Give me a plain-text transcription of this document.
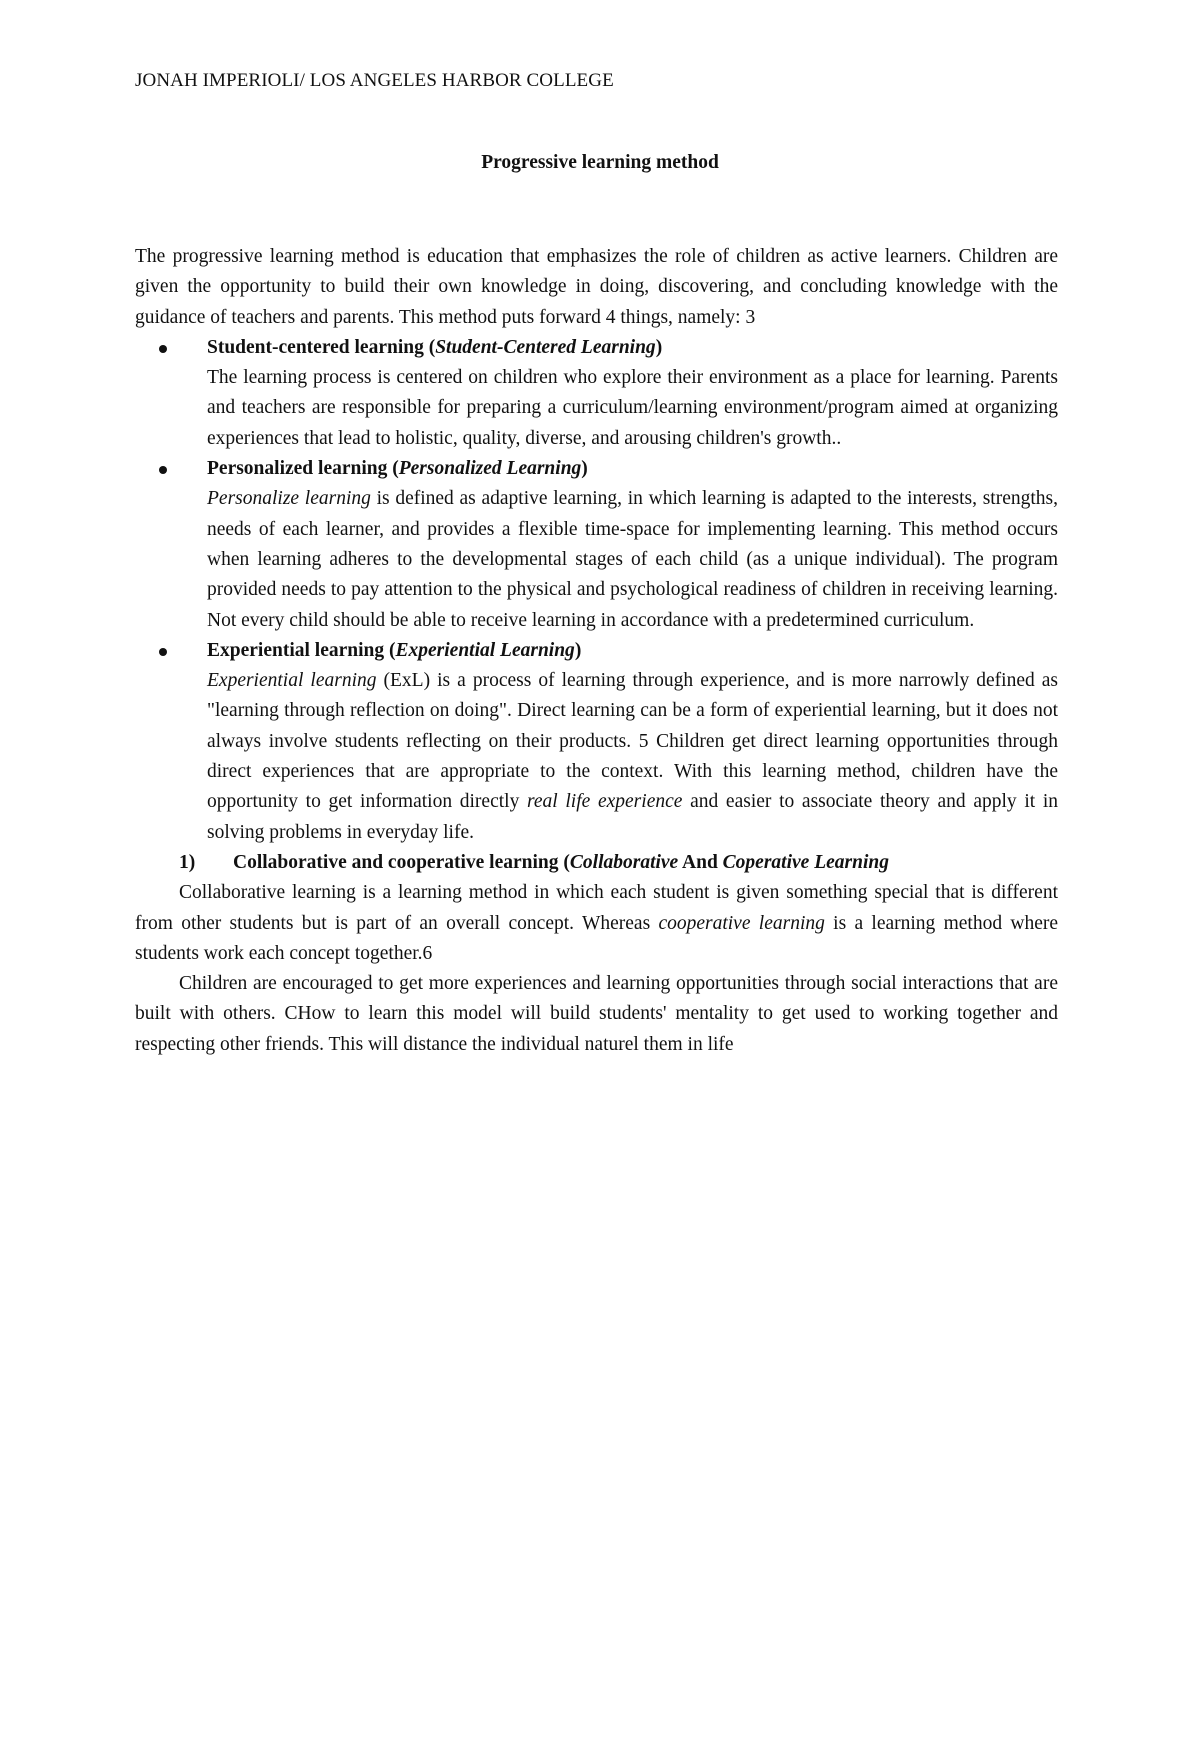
JONAH IMPERIOLI/ LOS ANGELES HARBOR COLLEGE
Progressive learning method

The progressive learning method is education that emphasizes the role of children as active learners. Children are given the opportunity to build their own knowledge in doing, discovering, and concluding knowledge with the guidance of teachers and parents. This method puts forward 4 things, namely: 3

Student-centered learning (Student-Centered Learning)

The learning process is centered on children who explore their environment as a place for learning. Parents and teachers are responsible for preparing a curriculum/learning environment/program aimed at organizing experiences that lead to holistic, quality, diverse, and arousing children's growth..

Personalized learning (Personalized Learning)

Personalize learning is defined as adaptive learning, in which learning is adapted to the interests, strengths, needs of each learner, and provides a flexible time-space for implementing learning. This method occurs when learning adheres to the developmental stages of each child (as a unique individual). The program provided needs to pay attention to the physical and psychological readiness of children in receiving learning. Not every child should be able to receive learning in accordance with a predetermined curriculum.

Experiential learning (Experiential Learning)

Experiential learning (ExL) is a process of learning through experience, and is more narrowly defined as "learning through reflection on doing". Direct learning can be a form of experiential learning, but it does not always involve students reflecting on their products. 5 Children get direct learning opportunities through direct experiences that are appropriate to the context. With this learning method, children have the opportunity to get information directly real life experience and easier to associate theory and apply it in solving problems in everyday life.

1) Collaborative and cooperative learning (Collaborative And Coperative Learning

Collaborative learning is a learning method in which each student is given something special that is different from other students but is part of an overall concept. Whereas cooperative learning is a learning method where students work each concept together.6

Children are encouraged to get more experiences and learning opportunities through social interactions that are built with others. CHow to learn this model will build students' mentality to get used to working together and respecting other friends. This will distance the individual naturel them in life
